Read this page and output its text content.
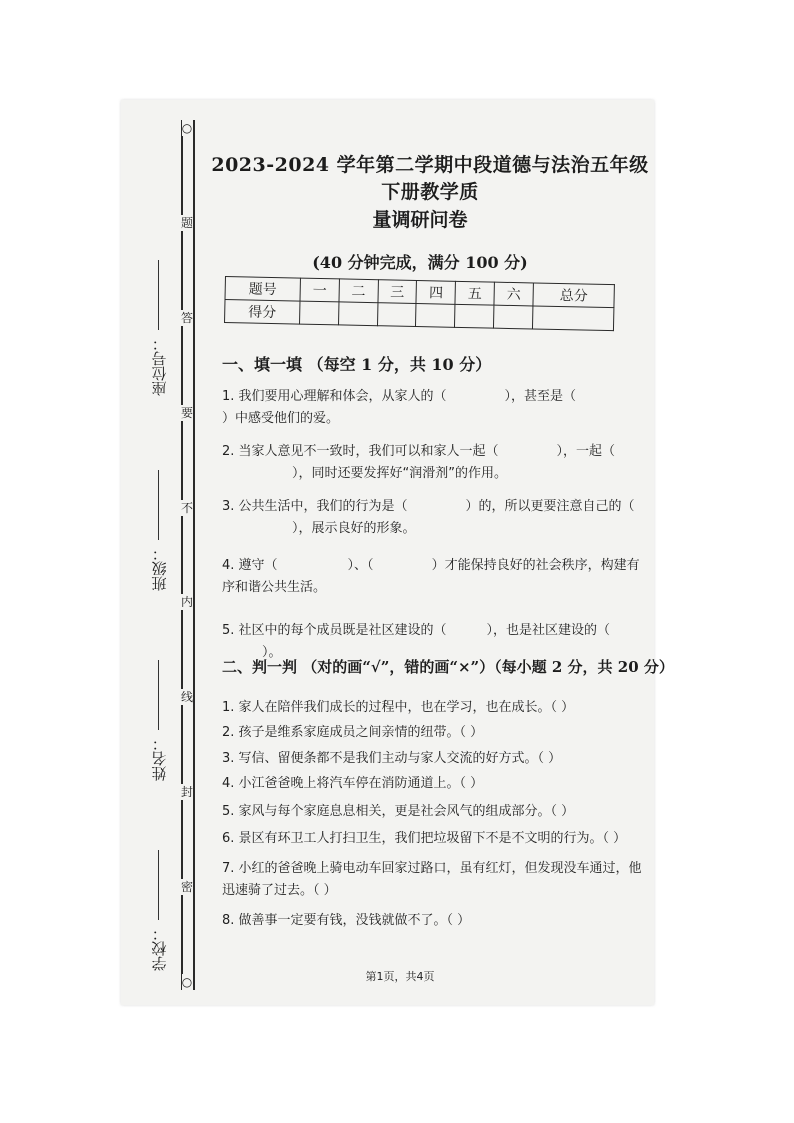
座位号：
班级：
姓名：
学校：
○
题
答
要
不
内
线
封
密
○
2023-2024 学年第二学期中段道德与法治五年级下册教学质
量调研问卷
(40 分钟完成，满分 100 分)
题号	一	二	三	四	五	六	总分
得分							
一、填一填 （每空 1 分，共 10 分）
1. 我们要用心理解和体会，从家人的（	），甚至是（）中感受他们的爱。
2. 当家人意见不一致时，我们可以和家人一起（	），一起（），同时还要发挥好“润滑剂”的作用。
3. 公共生活中，我们的行为是（	）的，所以更要注意自己的（），展示良好的形象。
4. 遵守（	）、（	）才能保持良好的社会秩序，构建有序和谐公共生活。
5. 社区中的每个成员既是社区建设的（	），也是社区建设的（）。
二、判一判 （对的画“√”，错的画“×”）（每小题 2 分，共 20 分）
1. 家人在陪伴我们成长的过程中，也在学习，也在成长。（ ）
2. 孩子是维系家庭成员之间亲情的纽带。（ ）
3. 写信、留便条都不是我们主动与家人交流的好方式。（ ）
4. 小江爸爸晚上将汽车停在消防通道上。（ ）
5. 家风与每个家庭息息相关，更是社会风气的组成部分。（ ）
6. 景区有环卫工人打扫卫生，我们把垃圾留下不是不文明的行为。（ ）
7. 小红的爸爸晚上骑电动车回家过路口，虽有红灯，但发现没车通过，他迅速骑了过去。（ ）
8. 做善事一定要有钱，没钱就做不了。（ ）
第1页，共4页
